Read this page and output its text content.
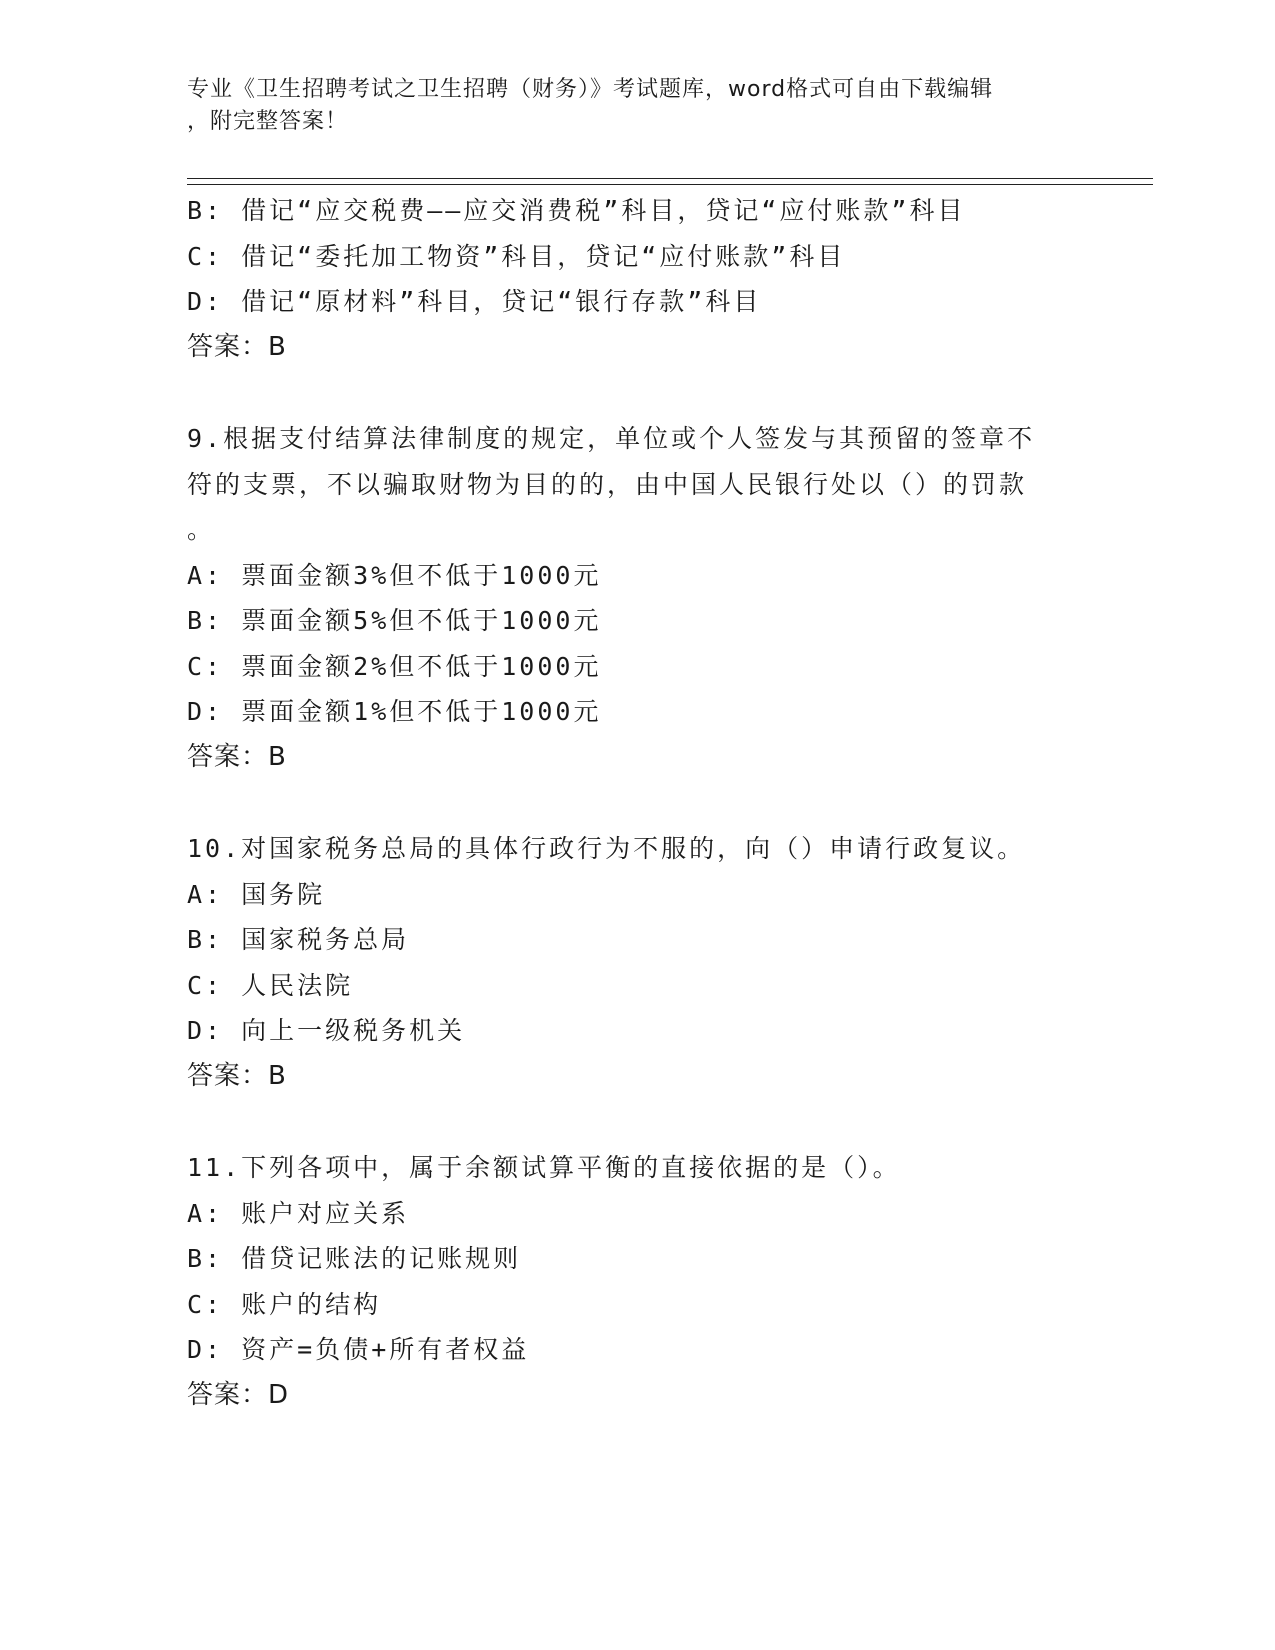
专业《卫生招聘考试之卫生招聘（财务）》考试题库，word格式可自由下载编辑
，附完整答案！
B: 借记“应交税费——应交消费税”科目，贷记“应付账款”科目
C: 借记“委托加工物资”科目，贷记“应付账款”科目
D: 借记“原材料”科目，贷记“银行存款”科目
答案：B
9.根据支付结算法律制度的规定，单位或个人签发与其预留的签章不
符的支票，不以骗取财物为目的的，由中国人民银行处以（）的罚款
。
A: 票面金额3%但不低于1000元
B: 票面金额5%但不低于1000元
C: 票面金额2%但不低于1000元
D: 票面金额1%但不低于1000元
答案：B
10.对国家税务总局的具体行政行为不服的，向（）申请行政复议。
A: 国务院
B: 国家税务总局
C: 人民法院
D: 向上一级税务机关
答案：B
11.下列各项中，属于余额试算平衡的直接依据的是（）。
A: 账户对应关系
B: 借贷记账法的记账规则
C: 账户的结构
D: 资产=负债+所有者权益
答案：D
